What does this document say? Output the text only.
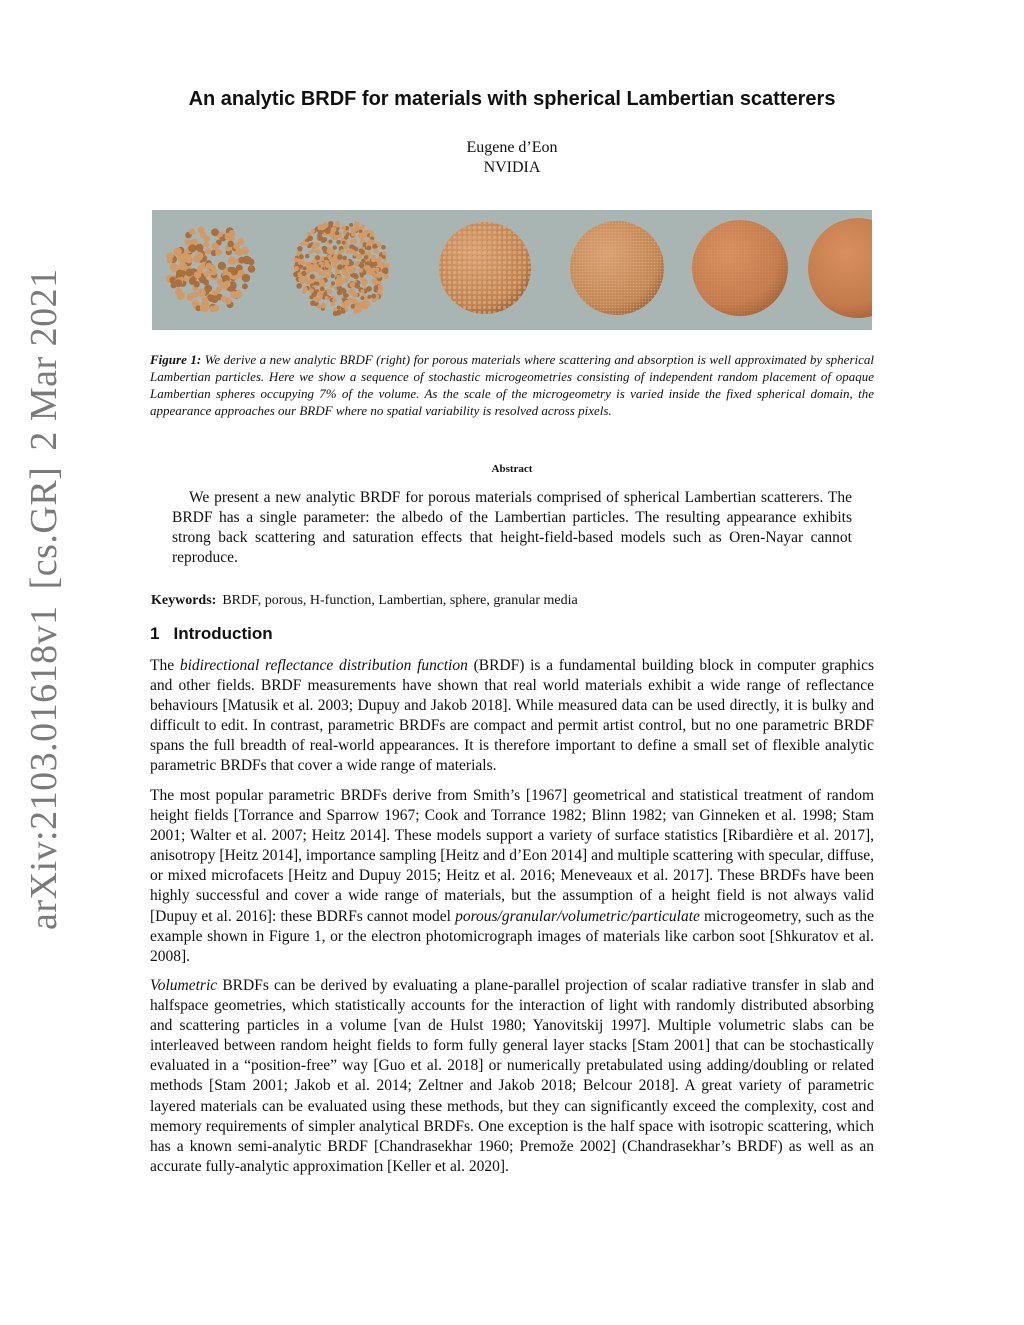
arXiv:2103.01618v1[cs.GR]2 Mar 2021
An analytic BRDF for materials with spherical Lambertian scatterers
Eugene d’Eon
NVIDIA
Figure 1: We derive a new analytic BRDF (right) for porous materials where scattering and absorption is well approximated by spherical Lambertian particles. Here we show a sequence of stochastic microgeometries consisting of independent random placement of opaque Lambertian spheres occupying 7% of the volume. As the scale of the microgeometry is varied inside the fixed spherical domain, the appearance approaches our BRDF where no spatial variability is resolved across pixels.
Abstract

We present a new analytic BRDF for porous materials comprised of spherical Lambertian scatterers. The BRDF has a single parameter: the albedo of the Lambertian particles. The resulting appearance exhibits strong back scattering and saturation effects that height-field-based models such as Oren-Nayar cannot reproduce.

Keywords: BRDF, porous, H-function, Lambertian, sphere, granular media
1 Introduction

The bidirectional reflectance distribution function (BRDF) is a fundamental building block in computer graphics and other fields. BRDF measurements have shown that real world materials exhibit a wide range of reflectance behaviours [Matusik et al. 2003; Dupuy and Jakob 2018]. While measured data can be used directly, it is bulky and difficult to edit. In contrast, parametric BRDFs are compact and permit artist control, but no one parametric BRDF spans the full breadth of real-world appearances. It is therefore important to define a small set of flexible analytic parametric BRDFs that cover a wide range of materials.

The most popular parametric BRDFs derive from Smith’s [1967] geometrical and statistical treatment of random height fields [Torrance and Sparrow 1967; Cook and Torrance 1982; Blinn 1982; van Ginneken et al. 1998; Stam 2001; Walter et al. 2007; Heitz 2014]. These models support a variety of surface statistics [Ribardière et al. 2017], anisotropy [Heitz 2014], importance sampling [Heitz and d’Eon 2014] and multiple scattering with specular, diffuse, or mixed microfacets [Heitz and Dupuy 2015; Heitz et al. 2016; Meneveaux et al. 2017]. These BRDFs have been highly successful and cover a wide range of materials, but the assumption of a height field is not always valid [Dupuy et al. 2016]: these BDRFs cannot model porous/granular/volumetric/particulate microgeometry, such as the example shown in Figure 1, or the electron photomicrograph images of materials like carbon soot [Shkuratov et al. 2008].

Volumetric BRDFs can be derived by evaluating a plane-parallel projection of scalar radiative transfer in slab and halfspace geometries, which statistically accounts for the interaction of light with randomly distributed absorbing and scattering particles in a volume [van de Hulst 1980; Yanovitskij 1997]. Multiple volumetric slabs can be interleaved between random height fields to form fully general layer stacks [Stam 2001] that can be stochastically evaluated in a “position-free” way [Guo et al. 2018] or numerically pretabulated using adding/doubling or related methods [Stam 2001; Jakob et al. 2014; Zeltner and Jakob 2018; Belcour 2018]. A great variety of parametric layered materials can be evaluated using these methods, but they can significantly exceed the complexity, cost and memory requirements of simpler analytical BRDFs. One exception is the half space with isotropic scattering, which has a known semi-analytic BRDF [Chandrasekhar 1960; Premože 2002] (Chandrasekhar’s BRDF) as well as an accurate fully-analytic approximation [Keller et al. 2020].
